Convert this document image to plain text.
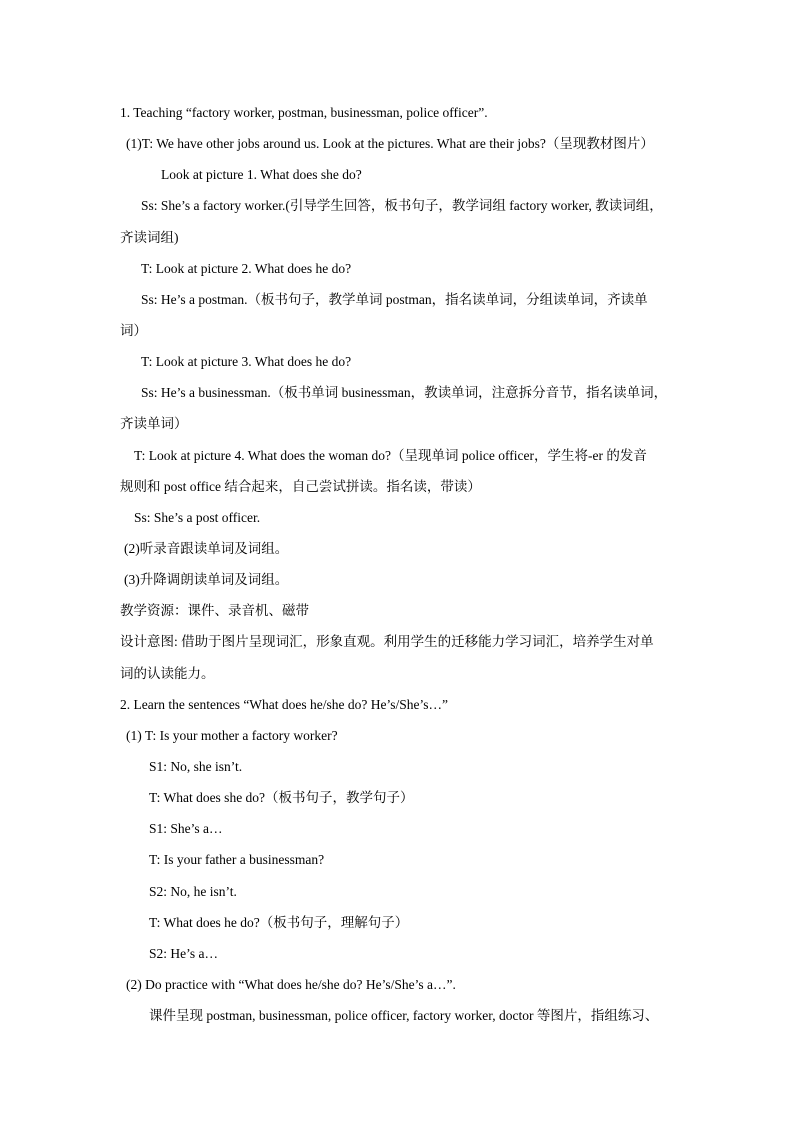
1. Teaching “factory worker, postman, businessman, police officer”.
(1)T: We have other jobs around us. Look at the pictures. What are their jobs?（呈现教材图片）
Look at picture 1. What does she do?
Ss: She’s a factory worker.(引导学生回答，板书句子，教学词组 factory worker, 教读词组，
齐读词组)
T: Look at picture 2. What does he do?
Ss: He’s a postman.（板书句子，教学单词 postman，指名读单词，分组读单词，齐读单
词）
T: Look at picture 3. What does he do?
Ss: He’s a businessman.（板书单词 businessman，教读单词，注意拆分音节，指名读单词，
齐读单词）
T: Look at picture 4. What does the woman do?（呈现单词 police officer，学生将-er 的发音
规则和 post office 结合起来，自己尝试拼读。指名读，带读）
Ss: She’s a post officer.
(2)听录音跟读单词及词组。
(3)升降调朗读单词及词组。
教学资源：课件、录音机、磁带
设计意图: 借助于图片呈现词汇，形象直观。利用学生的迁移能力学习词汇，培养学生对单
词的认读能力。
2. Learn the sentences “What does he/she do? He’s/She’s…”
(1) T: Is your mother a factory worker?
S1: No, she isn’t.
T: What does she do?（板书句子，教学句子）
S1: She’s a…
T: Is your father a businessman?
S2: No, he isn’t.
T: What does he do?（板书句子，理解句子）
S2: He’s a…
(2) Do practice with “What does he/she do? He’s/She’s a…”.
课件呈现 postman, businessman, police officer, factory worker, doctor 等图片，指组练习、
